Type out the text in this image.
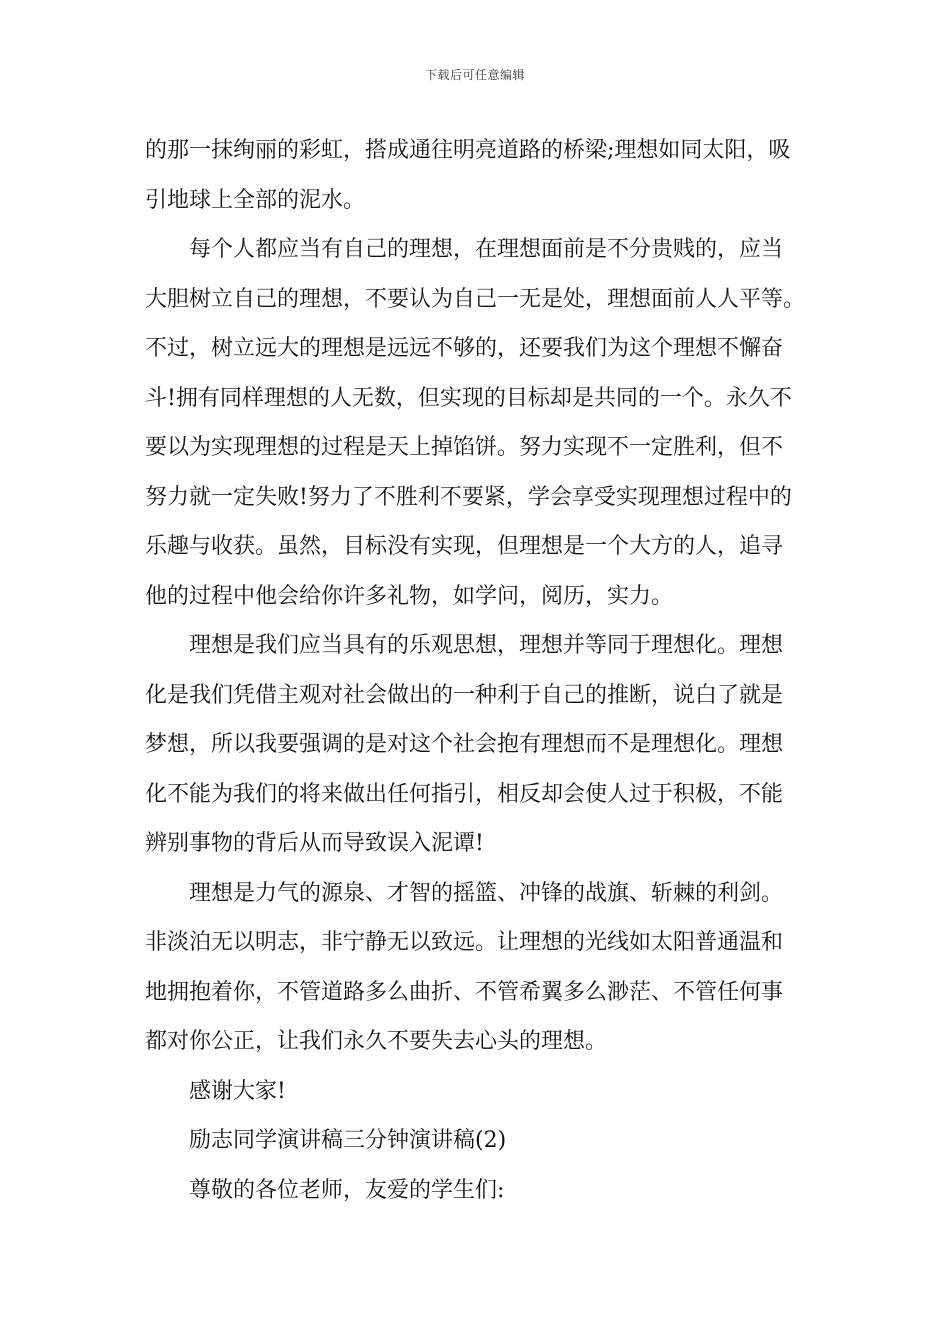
下载后可任意编辑
的那一抹绚丽的彩虹，搭成通往明亮道路的桥梁;理想如同太阳，吸
引地球上全部的泥水。
每个人都应当有自己的理想，在理想面前是不分贵贱的，应当
大胆树立自己的理想，不要认为自己一无是处，理想面前人人平等。
不过，树立远大的理想是远远不够的，还要我们为这个理想不懈奋
斗!拥有同样理想的人无数，但实现的目标却是共同的一个。永久不
要以为实现理想的过程是天上掉馅饼。努力实现不一定胜利，但不
努力就一定失败!努力了不胜利不要紧，学会享受实现理想过程中的
乐趣与收获。虽然，目标没有实现，但理想是一个大方的人，追寻
他的过程中他会给你许多礼物，如学问，阅历，实力。
理想是我们应当具有的乐观思想，理想并等同于理想化。理想
化是我们凭借主观对社会做出的一种利于自己的推断，说白了就是
梦想，所以我要强调的是对这个社会抱有理想而不是理想化。理想
化不能为我们的将来做出任何指引，相反却会使人过于积极，不能
辨别事物的背后从而导致误入泥谭!
理想是力气的源泉、才智的摇篮、冲锋的战旗、斩棘的利剑。
非淡泊无以明志，非宁静无以致远。让理想的光线如太阳普通温和
地拥抱着你，不管道路多么曲折、不管希翼多么渺茫、不管任何事
都对你公正，让我们永久不要失去心头的理想。
感谢大家!
励志同学演讲稿三分钟演讲稿(2)
尊敬的各位老师，友爱的学生们:
